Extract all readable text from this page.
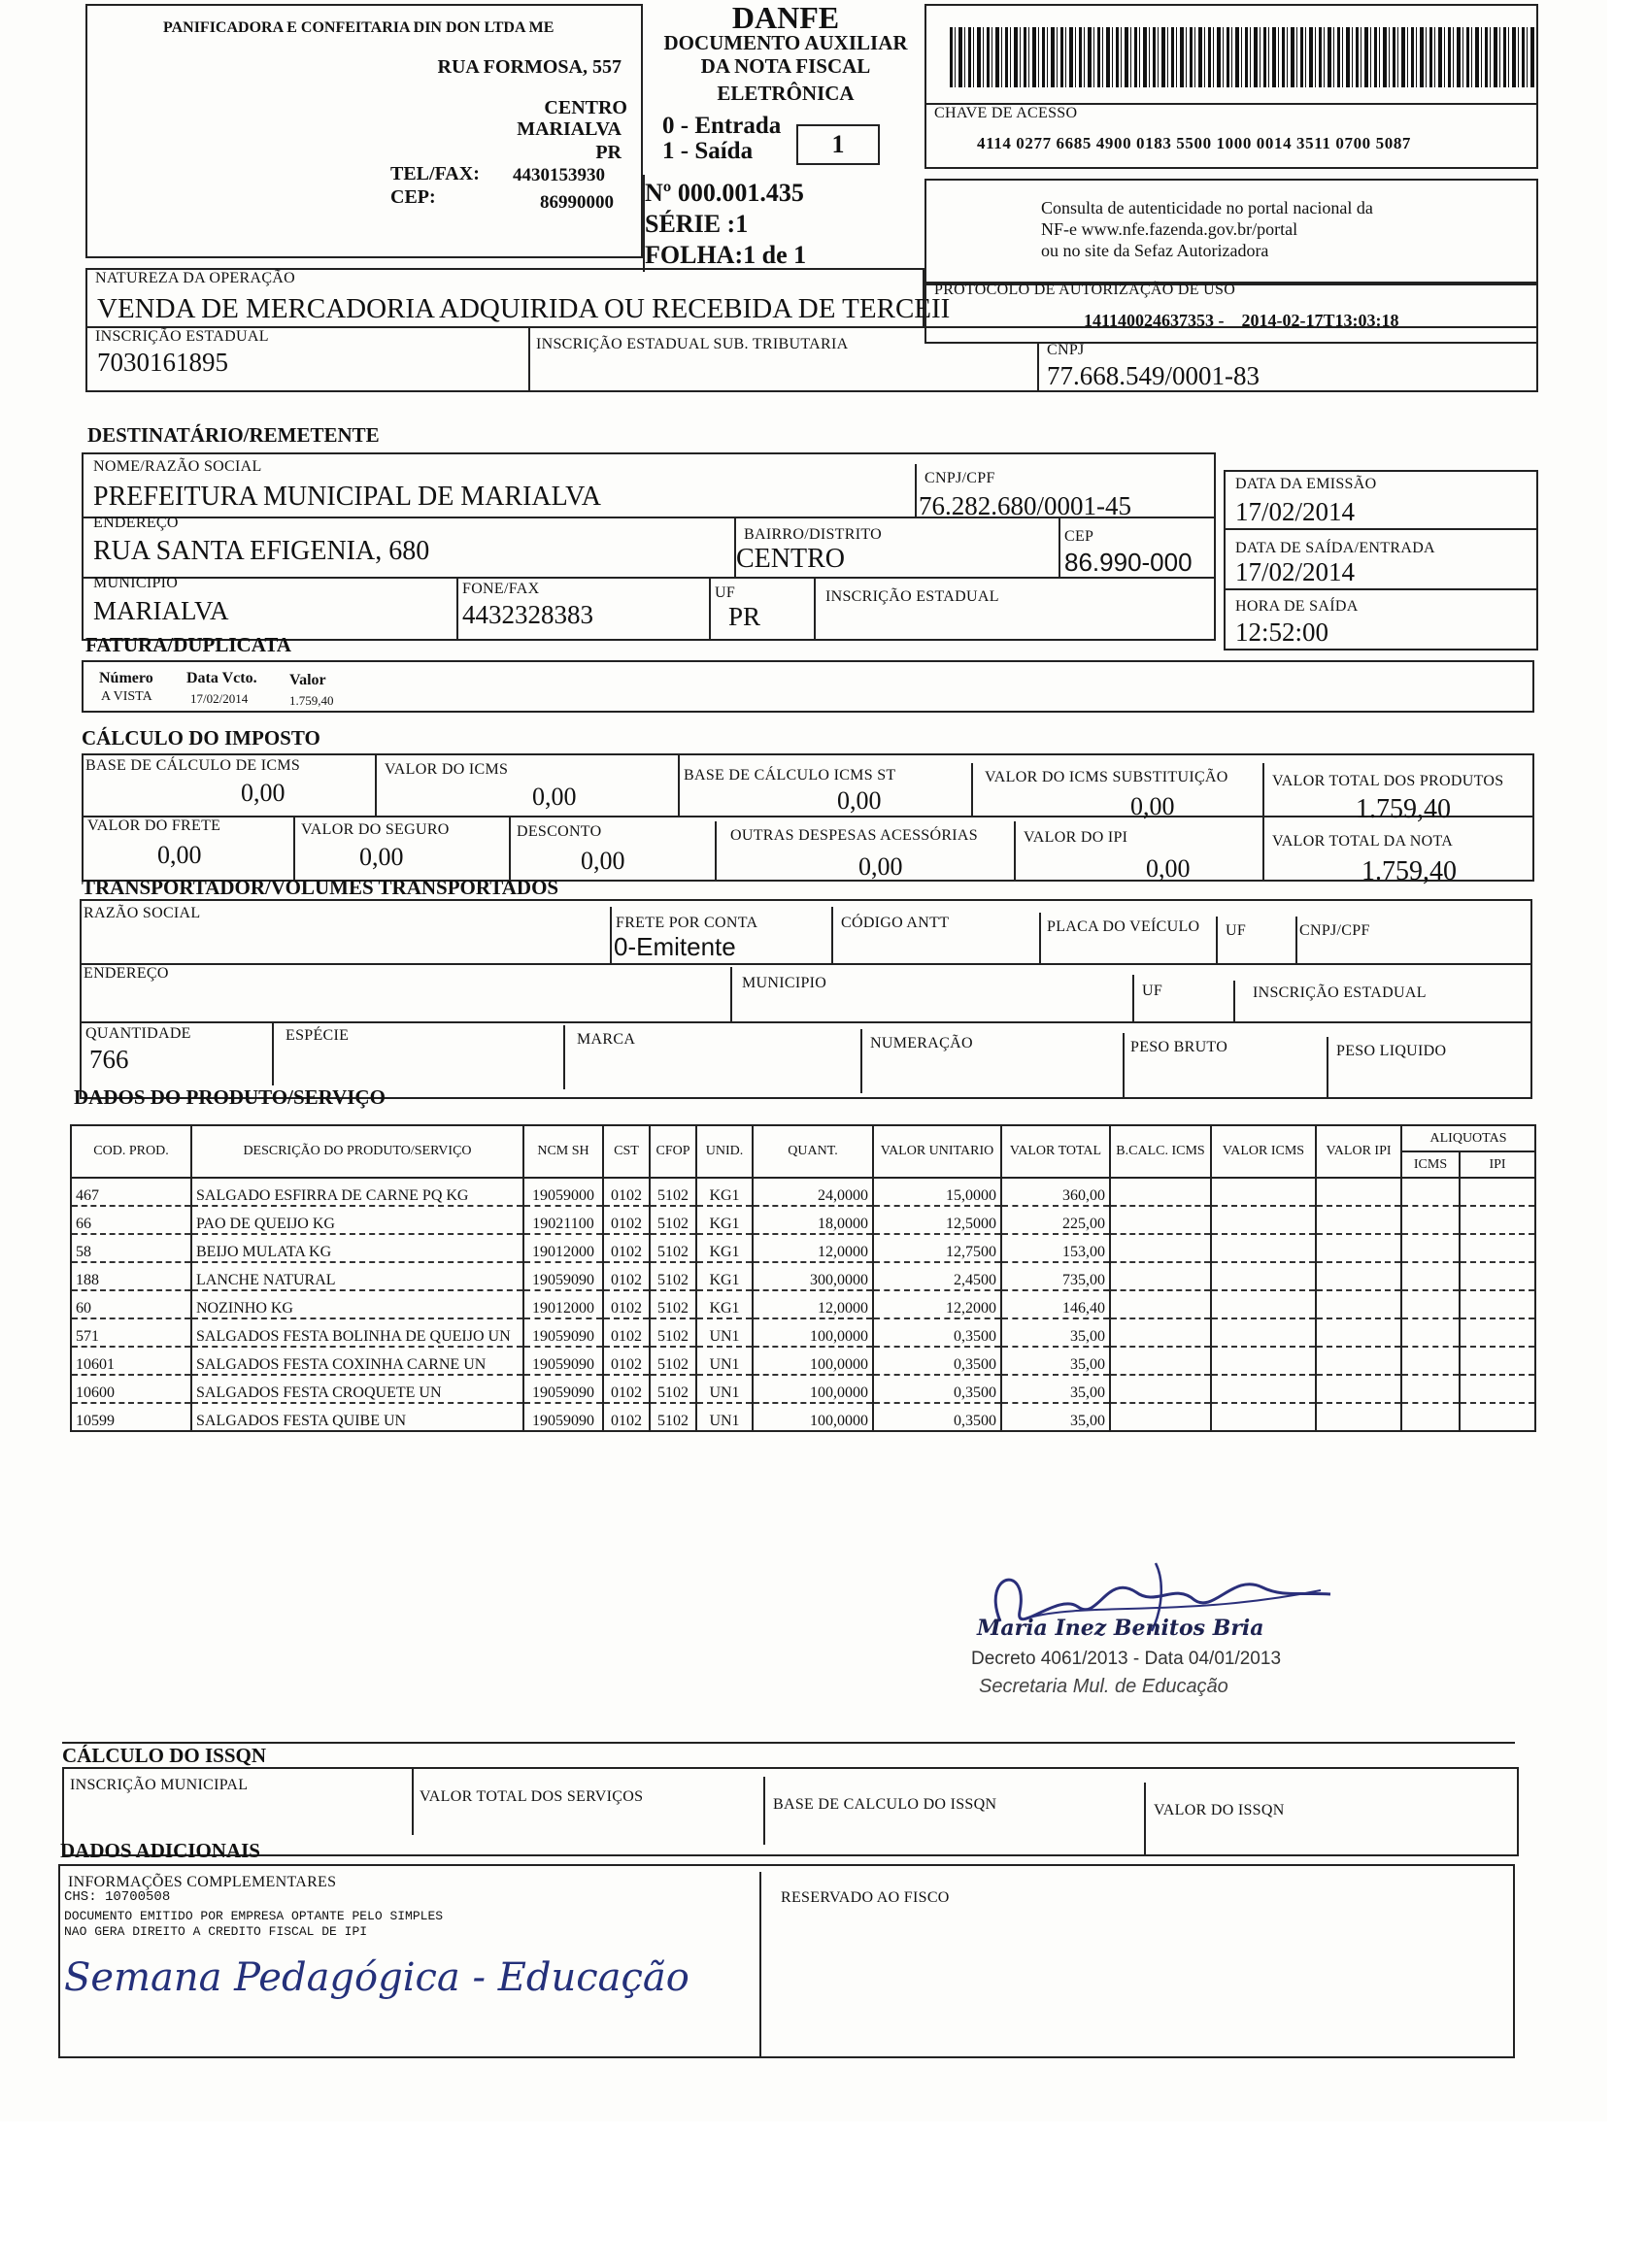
PANIFICADORA E CONFEITARIA DIN DON LTDA ME
RUA FORMOSA, 557
CENTRO
MARIALVA
PR
TEL/FAX: 4430153930
CEP:	86990000
DANFE
DOCUMENTO AUXILIAR
DA NOTA FISCAL
ELETRÔNICA
0 - Entrada
1 - Saída	1
Nº 000.001.435
SÉRIE :1
FOLHA:1 de 1
CHAVE DE ACESSO
4114 0277 6685 4900 0183 5500 1000 0014 3511 0700 5087
Consulta de autenticidade no portal nacional da
NF-e www.nfe.fazenda.gov.br/portal
ou no site da Sefaz Autorizadora
NATUREZA DA OPERAÇÃO
VENDA DE MERCADORIA ADQUIRIDA OU RECEBIDA DE TERCEII
PROTOCOLO DE AUTORIZAÇÃO DE USO
141140024637353 -    2014-02-17T13:03:18
INSCRIÇÃO ESTADUAL
7030161895
INSCRIÇÃO ESTADUAL SUB. TRIBUTARIA	CNPJ
77.668.549/0001-83
DESTINATÁRIO/REMETENTE
NOME/RAZÃO SOCIAL
PREFEITURA MUNICIPAL DE MARIALVA
CNPJ/CPF
76.282.680/0001-45
DATA DA EMISSÃO
17/02/2014
ENDEREÇO
RUA SANTA EFIGENIA, 680
BAIRRO/DISTRITO
CENTRO
CEP
86.990-000	DATA DE SAÍDA/ENTRADA
17/02/2014
MUNICIPIO
MARIALVA
FONE/FAX
4432328383
UF
PR
INSCRIÇÃO ESTADUAL
HORA DE SAÍDA
12:52:00
FATURA/DUPLICATA
Número Data Vcto. Valor
A VISTA	17/02/2014	1.759,40
CÁLCULO DO IMPOSTO
BASE DE CÁLCULO DE ICMS
0,00
VALOR DO ICMS
0,00
BASE DE CÁLCULO ICMS ST
0,00
VALOR DO ICMS SUBSTITUIÇÃO
0,00
VALOR TOTAL DOS PRODUTOS
1.759,40
VALOR DO FRETE
0,00
VALOR DO SEGURO
0,00
DESCONTO
0,00
OUTRAS DESPESAS ACESSÓRIAS
0,00
VALOR DO IPI
0,00
VALOR TOTAL DA NOTA
1.759,40
TRANSPORTADOR/VOLUMES TRANSPORTADOS
RAZÃO SOCIAL
FRETE POR CONTA
0-Emitente
CÓDIGO ANTT	PLACA DO VEÍCULO UF	CNPJ/CPF
ENDEREÇO
MUNICIPIO	UF	INSCRIÇÃO ESTADUAL
QUANTIDADE
766
ESPÉCIE	MARCA	NUMERAÇÃO	PESO BRUTO	PESO LIQUIDO
DADOS DO PRODUTO/SERVIÇO
COD. PROD.	DESCRIÇÃO DO PRODUTO/SERVIÇO	NCM SH	CST	CFOP	UNID.	QUANT.	VALOR UNITARIO	VALOR TOTAL	B.CALC. ICMS	VALOR ICMS	VALOR IPI	ALIQUOTAS	
												ICMS	IPI
467	SALGADO ESFIRRA DE CARNE PQ KG	19059000	0102	5102	KG1	24,0000	15,0000	360,00					
66	PAO DE QUEIJO KG	19021100	0102	5102	KG1	18,0000	12,5000	225,00					
58	BEIJO MULATA KG	19012000	0102	5102	KG1	12,0000	12,7500	153,00					
188	LANCHE NATURAL	19059090	0102	5102	KG1	300,0000	2,4500	735,00					
60	NOZINHO KG	19012000	0102	5102	KG1	12,0000	12,2000	146,40					
571	SALGADOS FESTA BOLINHA DE QUEIJO UN	19059090	0102	5102	UN1	100,0000	0,3500	35,00					
10601	SALGADOS FESTA COXINHA CARNE UN	19059090	0102	5102	UN1	100,0000	0,3500	35,00					
10600	SALGADOS FESTA CROQUETE UN	19059090	0102	5102	UN1	100,0000	0,3500	35,00					
10599	SALGADOS FESTA QUIBE UN	19059090	0102	5102	UN1	100,0000	0,3500	35,00					
Maria Inez Benitos Bria
Decreto 4061/2013 - Data 04/01/2013
Secretaria Mul. de Educação
CÁLCULO DO ISSQN
INSCRIÇÃO MUNICIPAL
VALOR TOTAL DOS SERVIÇOS	BASE DE CALCULO DO ISSQN	VALOR DO ISSQN
DADOS ADICIONAIS
INFORMAÇÕES COMPLEMENTARES
CHS: 10700508
DOCUMENTO EMITIDO POR EMPRESA OPTANTE PELO SIMPLES
NAO GERA DIREITO A CREDITO FISCAL DE IPI
Semana Pedagógica - Educação
RESERVADO AO FISCO
